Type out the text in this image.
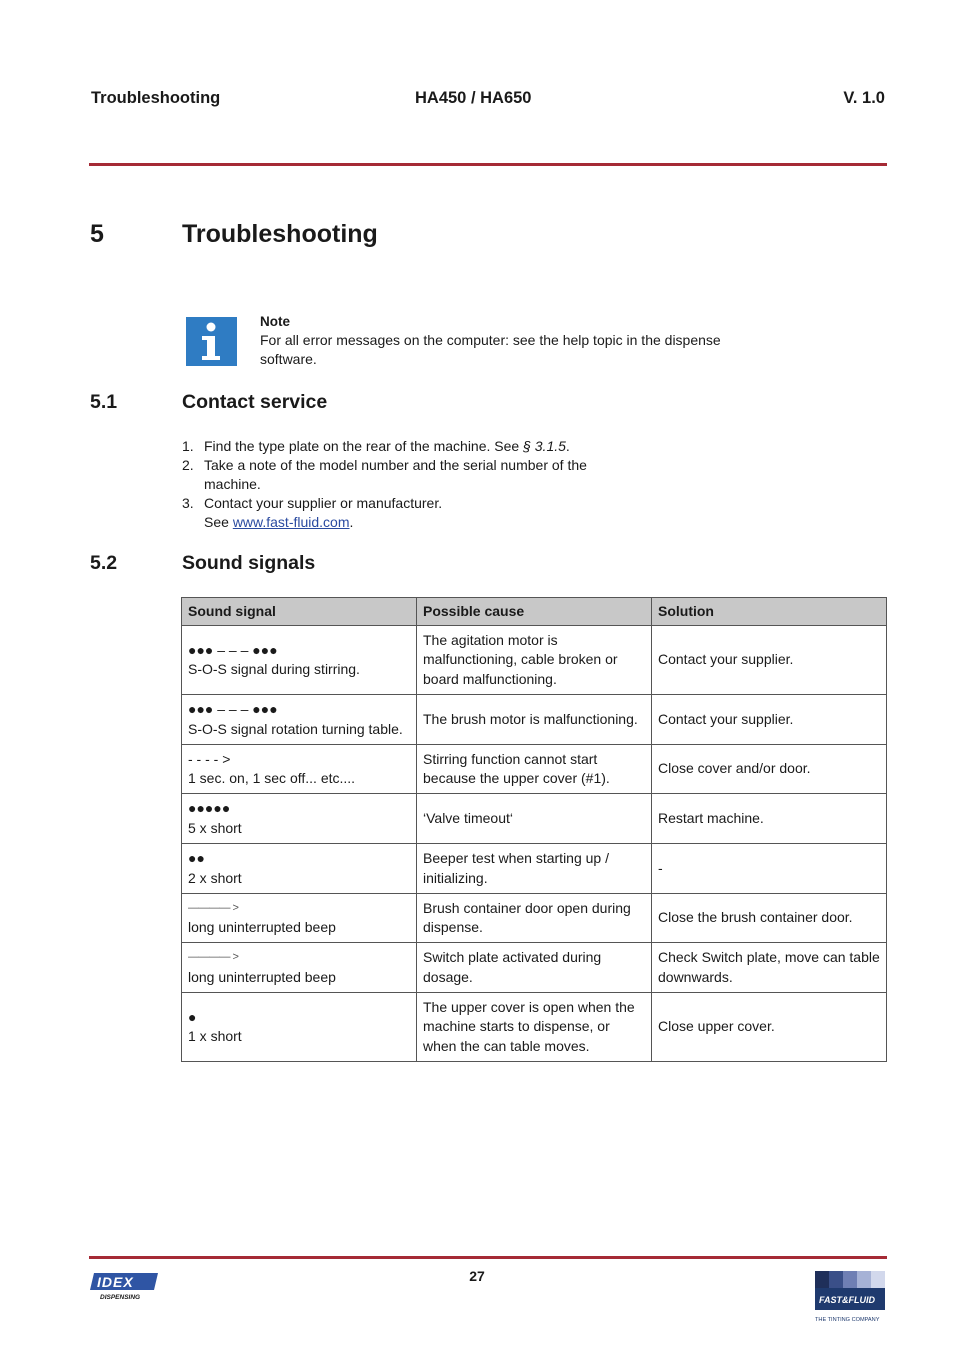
Troubleshooting	HA450 / HA650	V. 1.0
5	Troubleshooting
Note
For all error messages on the computer: see the help topic in the dispense software.
5.1	Contact service
1. Find the type plate on the rear of the machine. See § 3.1.5.
2. Take a note of the model number and the serial number of the machine.
3. Contact your supplier or manufacturer.
See www.fast-fluid.com.
5.2	Sound signals
Sound signal	Possible cause	Solution

●●● – – – ●●●
S-O-S signal during stirring.	The agitation motor is malfunctioning, cable broken or board malfunctioning.	Contact your supplier.

●●● – – – ●●●
S-O-S signal rotation turning table.	The brush motor is malfunctioning.	Contact your supplier.

- - - - >
1 sec. on, 1 sec off... etc....	Stirring function cannot start because the upper cover (#1).	Close cover and/or door.

●●●●●
5 x short	‘Valve timeout‘	Restart machine.

●●
2 x short	Beeper test when starting up / initializing.	-

———— >
long uninterrupted beep	Brush container door open during dispense.	Close the brush container door.

———— >
long uninterrupted beep	Switch plate activated during dosage.	Check Switch plate, move can table downwards.

●
1 x short	The upper cover is open when the machine starts to dispense, or when the can table moves.	Close upper cover.
27
IDEX
DISPENSING	FAST&FLUID
THE TINTING COMPANY
